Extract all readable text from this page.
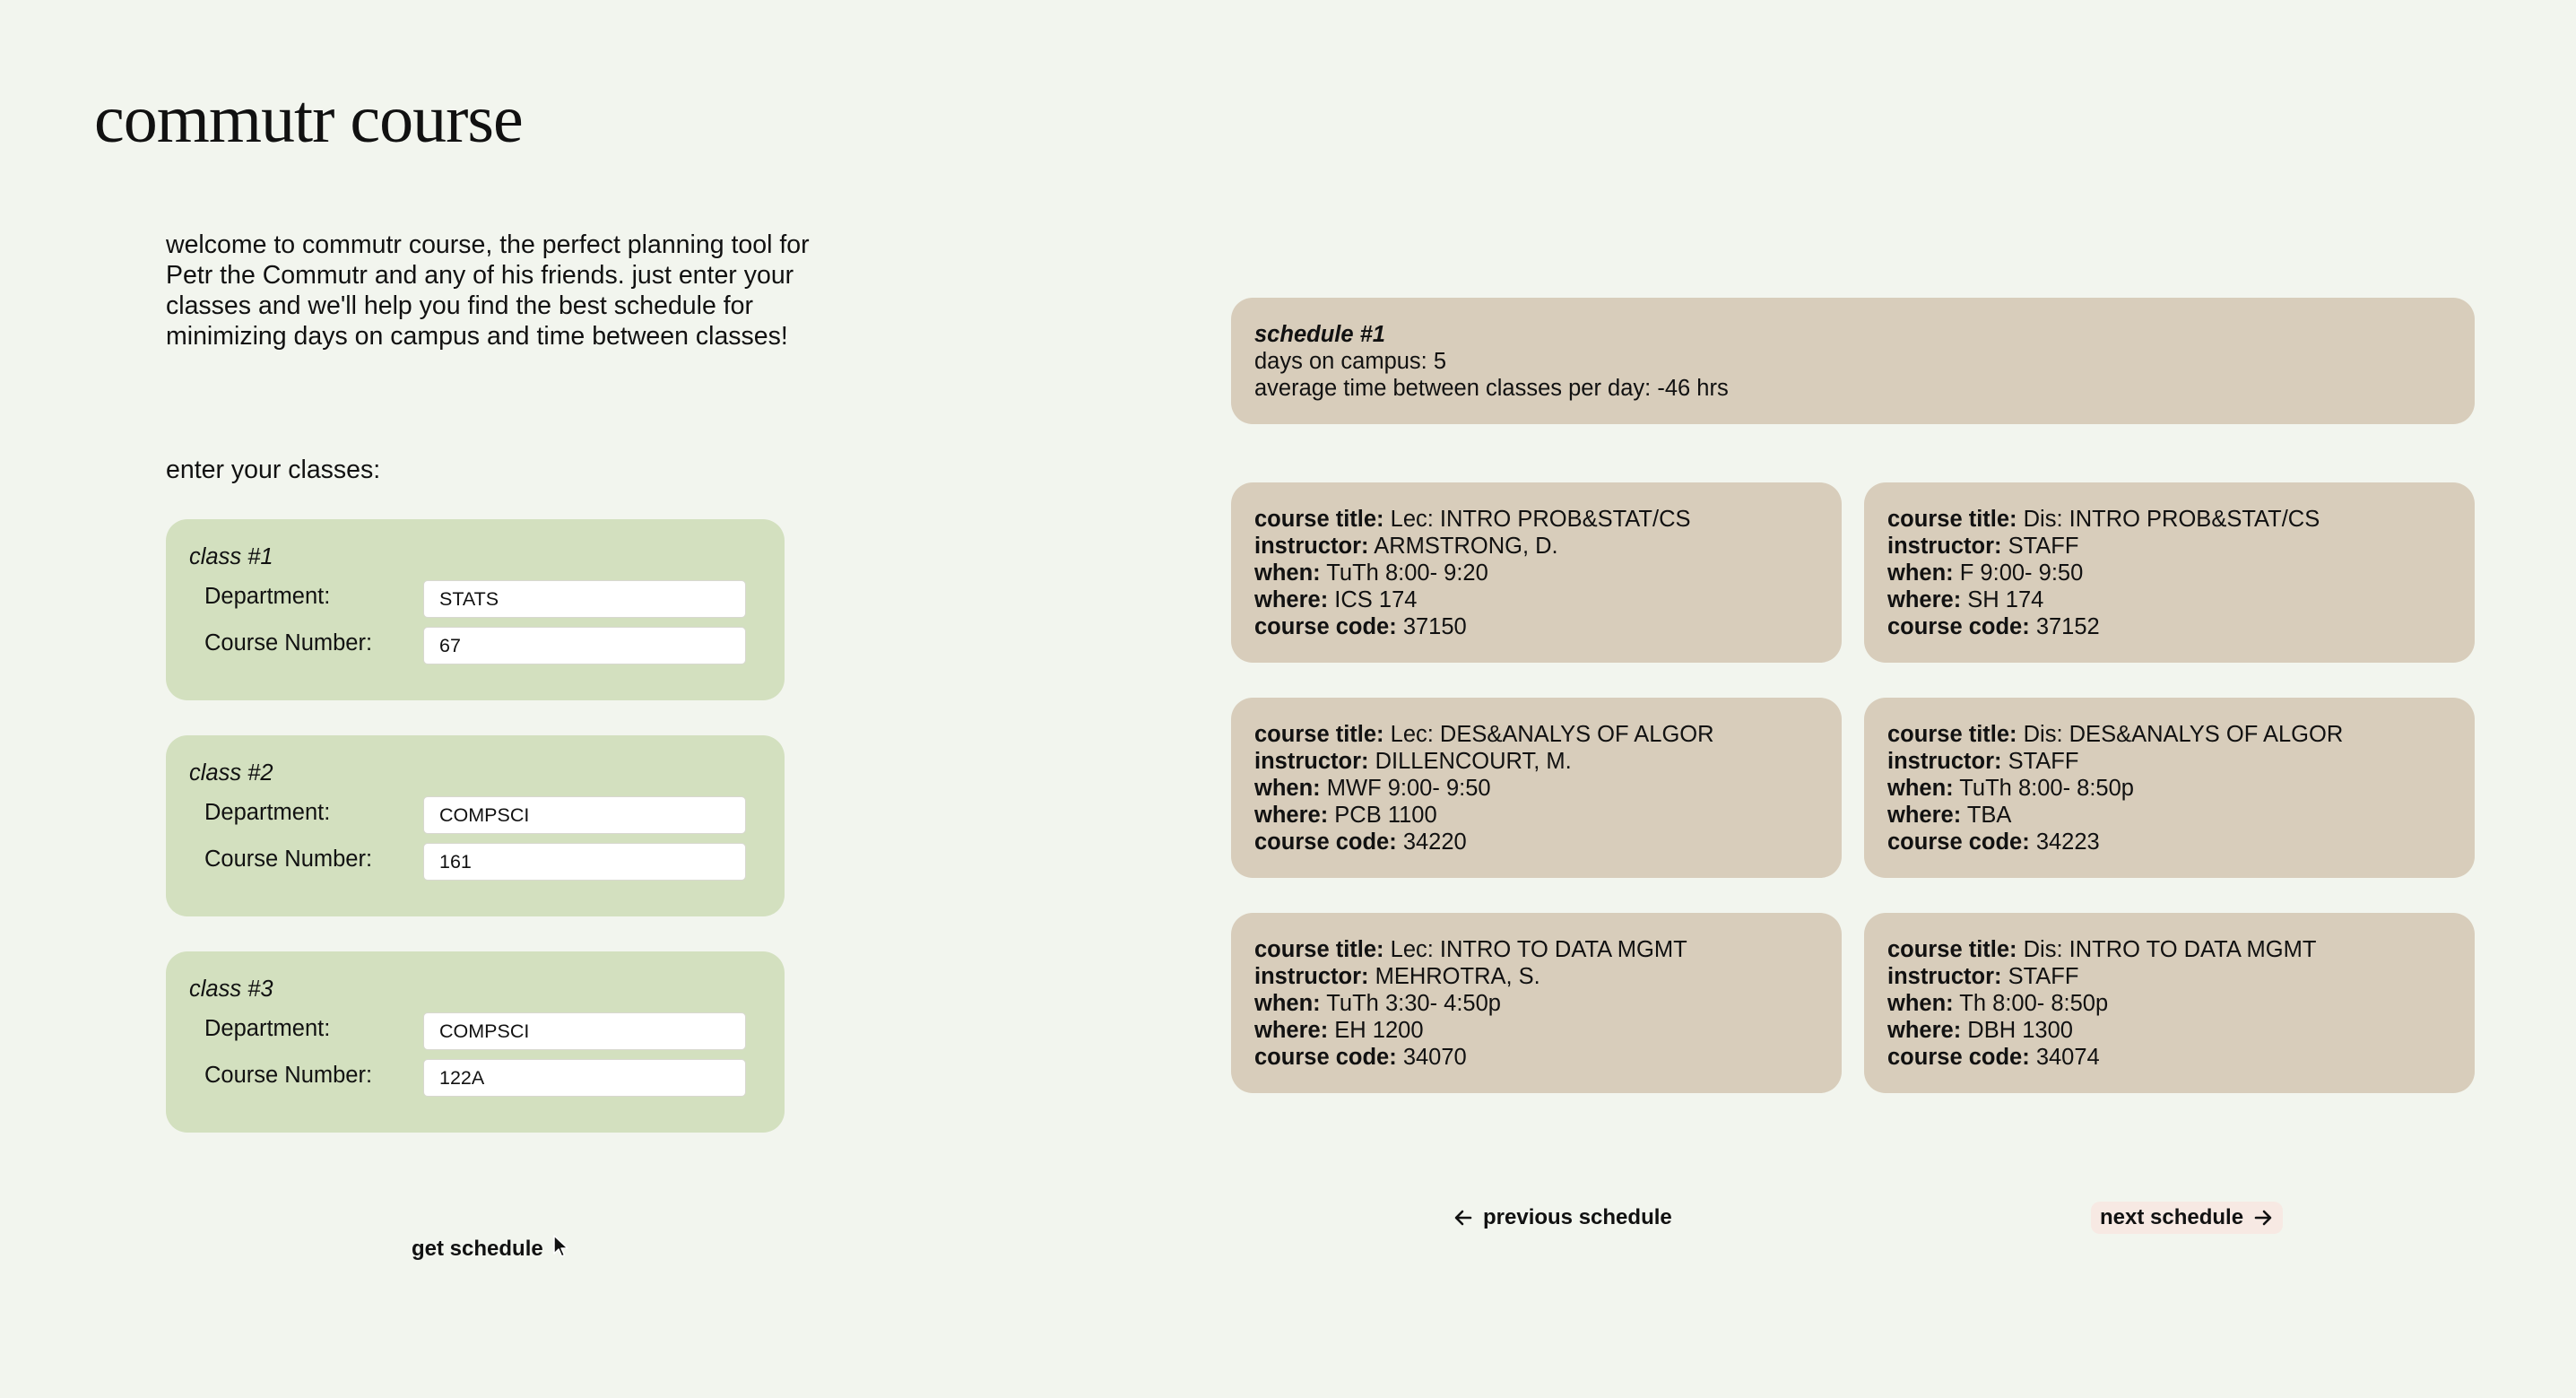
commutr course

welcome to commutr course, the perfect planning tool for Petr the Commutr and any of his friends. just enter your classes and we'll help you find the best schedule for minimizing days on campus and time between classes!

enter your classes:
class #1
Department:
STATS
Course Number:
67
class #2
Department:
COMPSCI
Course Number:
161
class #3
Department:
COMPSCI
Course Number:
122A
get schedule
schedule #1
days on campus: 5
average time between classes per day: -46 hrs
course title: Lec: INTRO PROB&STAT/CS
instructor: ARMSTRONG, D.
when: TuTh 8:00- 9:20
where: ICS 174
course code: 37150
course title: Dis: INTRO PROB&STAT/CS
instructor: STAFF
when: F 9:00- 9:50
where: SH 174
course code: 37152
course title: Lec: DES&ANALYS OF ALGOR
instructor: DILLENCOURT, M.
when: MWF 9:00- 9:50
where: PCB 1100
course code: 34220
course title: Dis: DES&ANALYS OF ALGOR
instructor: STAFF
when: TuTh 8:00- 8:50p
where: TBA
course code: 34223
course title: Lec: INTRO TO DATA MGMT
instructor: MEHROTRA, S.
when: TuTh 3:30- 4:50p
where: EH 1200
course code: 34070
course title: Dis: INTRO TO DATA MGMT
instructor: STAFF
when: Th 8:00- 8:50p
where: DBH 1300
course code: 34074
previous schedule	next schedule
